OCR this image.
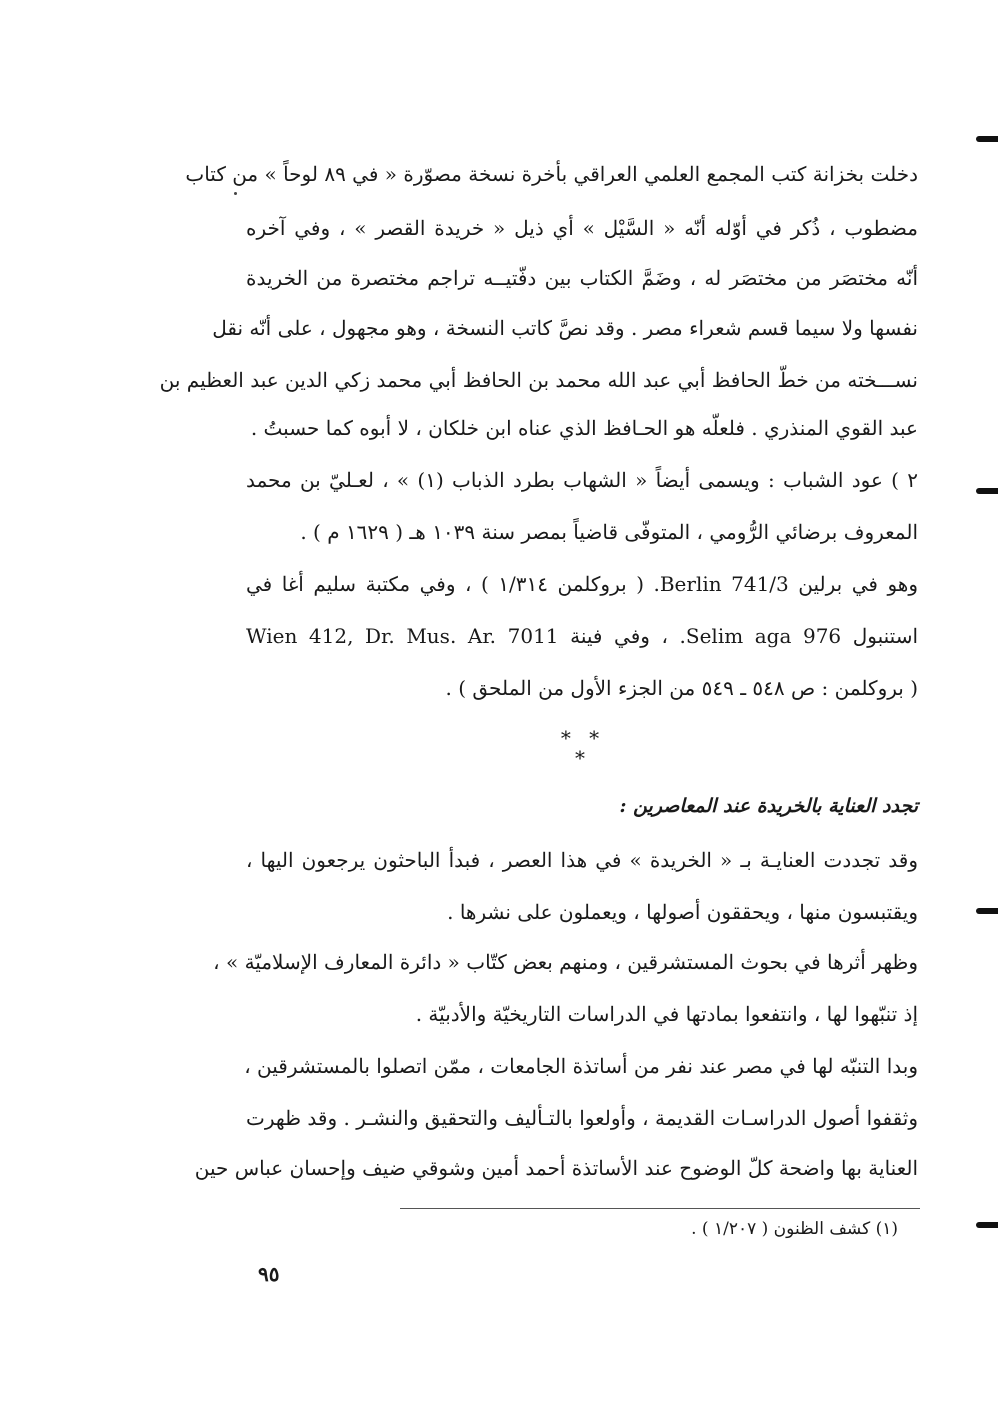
دخلت بخزانة كتب المجمع العلمي العراقي بأخرة نسخة مصوّرة « في ٨٩ لوحاً » من كتاب
مضطوب ، ذُكر في أوّله أنّه « السَّيْل » أي ذيل « خريدة القصر » ، وفي آخره
أنّه مختصَر من مختصَر له ، وضَمَّ الكتاب بين دفّتيــه تراجم مختصرة من الخريدة
نفسها ولا سيما قسم شعراء مصر . وقد نصَّ كاتب النسخة ، وهو مجهول ، على أنّه نقل
نســـخته من خطّ الحافظ أبي عبد الله محمد بن الحافظ أبي محمد زكي الدين عبد العظيم بن
عبد القوي المنذري . فلعلّه هو الحـافظ الذي عناه ابن خلكان ، لا أبوه كما حسبتُ .
٢ ) عود الشباب : ويسمى أيضاً « الشهاب بطرد الذباب (١) » ، لعـليّ بن محمد
المعروف برضائي الرُّومي ، المتوفّى قاضياً بمصر سنة ١٠٣٩ هـ ( ١٦٢٩ م ) .
وهو في برلين Berlin 741/3. ( بروكلمن ١/٣١٤ ) ، وفي مكتبة سليم أغا في
استنبول Selim aga 976. ، وفي فينة Wien 412, Dr. Mus. Ar. 7011
( بروكلمن : ص ٥٤٨ ـ ٥٤٩ من الجزء الأول من الملحق ) .
* * *
تجدد العناية بالخريدة عند المعاصرين :
وقد تجددت العنايـة بـ « الخريدة » في هذا العصر ، فبدأ الباحثون يرجعون اليها ،
ويقتبسون منها ، ويحققون أصولها ، ويعملون على نشرها .
وظهر أثرها في بحوث المستشرقين ، ومنهم بعض كتّاب « دائرة المعارف الإسلاميّة » ،
إذ تنبّهوا لها ، وانتفعوا بمادتها في الدراسات التاريخيّة والأدبيّة .
وبدا التنبّه لها في مصر عند نفر من أساتذة الجامعات ، ممّن اتصلوا بالمستشرقين ،
وثقفوا أصول الدراسـات القديمة ، وأولعوا بالتـأليف والتحقيق والنشـر . وقد ظهرت
العناية بها واضحة كلّ الوضوح عند الأساتذة أحمد أمين وشوقي ضيف وإحسان عباس حين
(١) كشف الظنون ( ١/٢٠٧ ) .
٩٥
